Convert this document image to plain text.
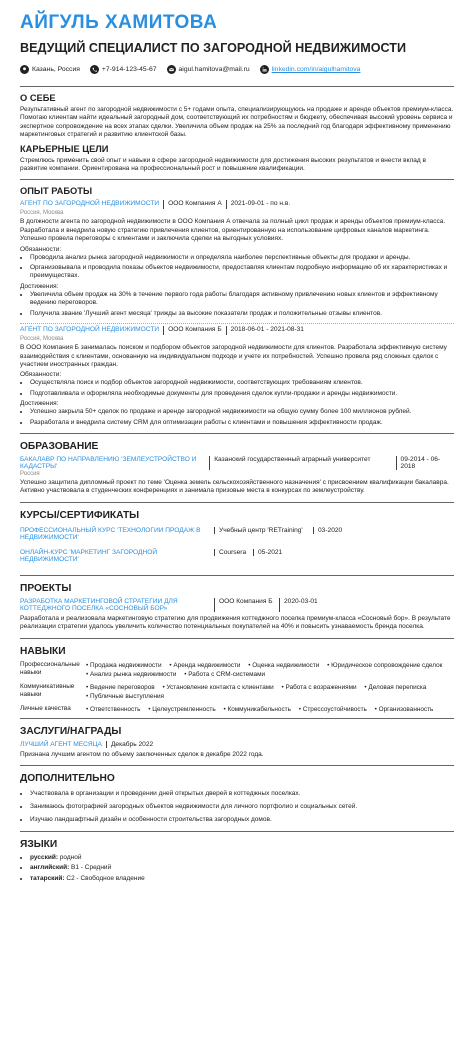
АЙГУЛЬ ХАМИТОВА
ВЕДУЩИЙ СПЕЦИАЛИСТ ПО ЗАГОРОДНОЙ НЕДВИЖИМОСТИ
Казань, Россия	+7-914-123-45-67	aigul.hamitova@mail.ru	linkedin.com/in/aigulhamitova
О СЕБЕ

Результативный агент по загородной недвижимости с 5+ годами опыта, специализирующуюсь на продаже и аренде объектов премиум-класса. Помогаю клиентам найти идеальный загородный дом, соответствующий их потребностям и бюджету, обеспечивая высокий уровень сервиса и экспертное сопровождение на всех этапах сделки. Увеличила объем продаж на 25% за последний год благодаря эффективному применению маркетинговых стратегий и развитию клиентской базы.

КАРЬЕРНЫЕ ЦЕЛИ

Стремлюсь применить свой опыт и навыки в сфере загородной недвижимости для достижения высоких результатов и внести вклад в развитие компании. Ориентирована на профессиональный рост и повышение квалификации.

ОПЫТ РАБОТЫ
АГЕНТ ПО ЗАГОРОДНОЙ НЕДВИЖИМОСТИ ООО Компания А 2021-09-01 - по н.в.
Россия, Москва

В должности агента по загородной недвижимости в ООО Компания А отвечала за полный цикл продаж и аренды объектов премиум-класса. Разработала и внедрила новую стратегию привлечения клиентов, ориентированную на использование цифровых каналов маркетинга. Успешно провела переговоры с клиентами и заключила сделки на выгодных условиях.

Обязанности:
• Проводила анализ рынка загородной недвижимости и определяла наиболее перспективные объекты для продажи и аренды.
• Организовывала и проводила показы объектов недвижимости, предоставляя клиентам подробную информацию об их характеристиках и преимуществах.
Достижения:
• Увеличила объем продаж на 30% в течение первого года работы благодаря активному привлечению новых клиентов и эффективному ведению переговоров.
• Получила звание 'Лучший агент месяца' трижды за высокие показатели продаж и положительные отзывы клиентов.
АГЕНТ ПО ЗАГОРОДНОЙ НЕДВИЖИМОСТИ ООО Компания Б 2018-06-01 - 2021-08-31
Россия, Москва

В ООО Компания Б занималась поиском и подбором объектов загородной недвижимости для клиентов. Разработала эффективную систему взаимодействия с клиентами, основанную на индивидуальном подходе и учете их потребностей. Успешно провела ряд сложных сделок с участием иностранных граждан.

Обязанности:
• Осуществляла поиск и подбор объектов загородной недвижимости, соответствующих требованиям клиентов.
• Подготавливала и оформляла необходимые документы для проведения сделок купли-продажи и аренды недвижимости.
Достижения:
• Успешно закрыла 50+ сделок по продаже и аренде загородной недвижимости на общую сумму более 100 миллионов рублей.
• Разработала и внедрила систему CRM для оптимизации работы с клиентами и повышения эффективности продаж.
ОБРАЗОВАНИЕ
БАКАЛАВР ПО НАПРАВЛЕНИЮ 'ЗЕМЛЕУСТРОЙСТВО И КАДАСТРЫ'
Казанский государственный аграрный университет	09-2014 - 06-2018
Россия

Успешно защитила дипломный проект по теме 'Оценка земель сельскохозяйственного назначения' с присвоением квалификации бакалавра. Активно участвовала в студенческих конференциях и занимала призовые места в конкурсах по землеустройству.

КУРСЫ/СЕРТИФИКАТЫ
ПРОФЕССИОНАЛЬНЫЙ КУРС 'ТЕХНОЛОГИИ ПРОДАЖ В НЕДВИЖИМОСТИ'
Учебный центр 'RETraining'	03-2020
ОНЛАЙН-КУРС 'МАРКЕТИНГ ЗАГОРОДНОЙ НЕДВИЖИМОСТИ'
Coursera	05-2021
ПРОЕКТЫ
РАЗРАБОТКА МАРКЕТИНГОВОЙ СТРАТЕГИИ ДЛЯ КОТТЕДЖНОГО ПОСЕЛКА «СОСНОВЫЙ БОР»
ООО Компания Б	2020-03-01

Разработала и реализовала маркетинговую стратегию для продвижения коттеджного поселка премиум-класса «Сосновый бор». В результате реализации стратегии удалось увеличить количество потенциальных покупателей на 40% и повысить узнаваемость бренда поселка.

НАВЫКИ
Профессиональные навыки
• Продажа недвижимости • Аренда недвижимости • Оценка недвижимости • Юридическое сопровождение сделок • Анализ рынка недвижимости • Работа с CRM-системами
Коммуникативные навыки
• Ведение переговоров • Установление контакта с клиентами • Работа с возражениями • Деловая переписка • Публичные выступления
Личные качества	• Ответственность • Целеустремленность • Коммуникабельность • Стрессоустойчивость • Организованность
ЗАСЛУГИ/НАГРАДЫ
ЛУЧШИЙ АГЕНТ МЕСЯЦА	Декабрь 2022

Признана лучшим агентом по объему заключенных сделок в декабре 2022 года.

ДОПОЛНИТЕЛЬНО
• Участвовала в организации и проведении дней открытых дверей в коттеджных поселках.
• Занимаюсь фотографией загородных объектов недвижимости для личного портфолио и социальных сетей.
• Изучаю ландшафтный дизайн и особенности строительства загородных домов.
ЯЗЫКИ
• русский: родной
• английский: B1 - Средний
• татарский: C2 - Свободное владение
